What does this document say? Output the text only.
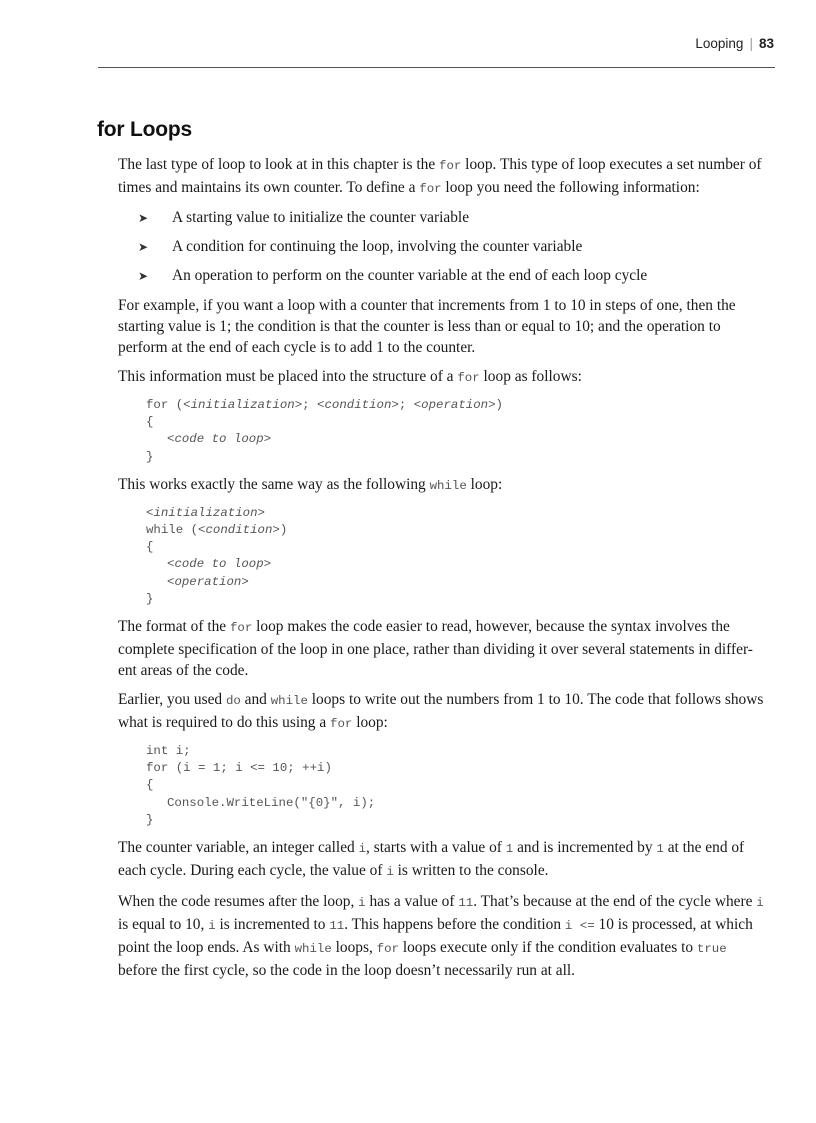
Looping | 83
for Loops

The last type of loop to look at in this chapter is the for loop. This type of loop executes a set number of times and maintains its own counter. To define a for loop you need the following information:

➤ A starting value to initialize the counter variable
➤ A condition for continuing the loop, involving the counter variable
➤ An operation to perform on the counter variable at the end of each loop cycle

For example, if you want a loop with a counter that increments from 1 to 10 in steps of one, then the starting value is 1; the condition is that the counter is less than or equal to 10; and the operation to perform at the end of each cycle is to add 1 to the counter.

This information must be placed into the structure of a for loop as follows:

for (<initialization>; <condition>; <operation>)
{
<code to loop>
}

This works exactly the same way as the following while loop:

<initialization>
while (<condition>)
{
<code to loop>
<operation>
}

The format of the for loop makes the code easier to read, however, because the syntax involves the complete specification of the loop in one place, rather than dividing it over several statements in differ-ent areas of the code.

Earlier, you used do and while loops to write out the numbers from 1 to 10. The code that follows shows what is required to do this using a for loop:

int i;
for (i = 1; i <= 10; ++i)
{
Console.WriteLine("{0}", i);
}

The counter variable, an integer called i, starts with a value of 1 and is incremented by 1 at the end of each cycle. During each cycle, the value of i is written to the console.

When the code resumes after the loop, i has a value of 11. That’s because at the end of the cycle where i is equal to 10, i is incremented to 11. This happens before the condition i <= 10 is processed, at which point the loop ends. As with while loops, for loops execute only if the condition evaluates to true before the first cycle, so the code in the loop doesn’t necessarily run at all.
